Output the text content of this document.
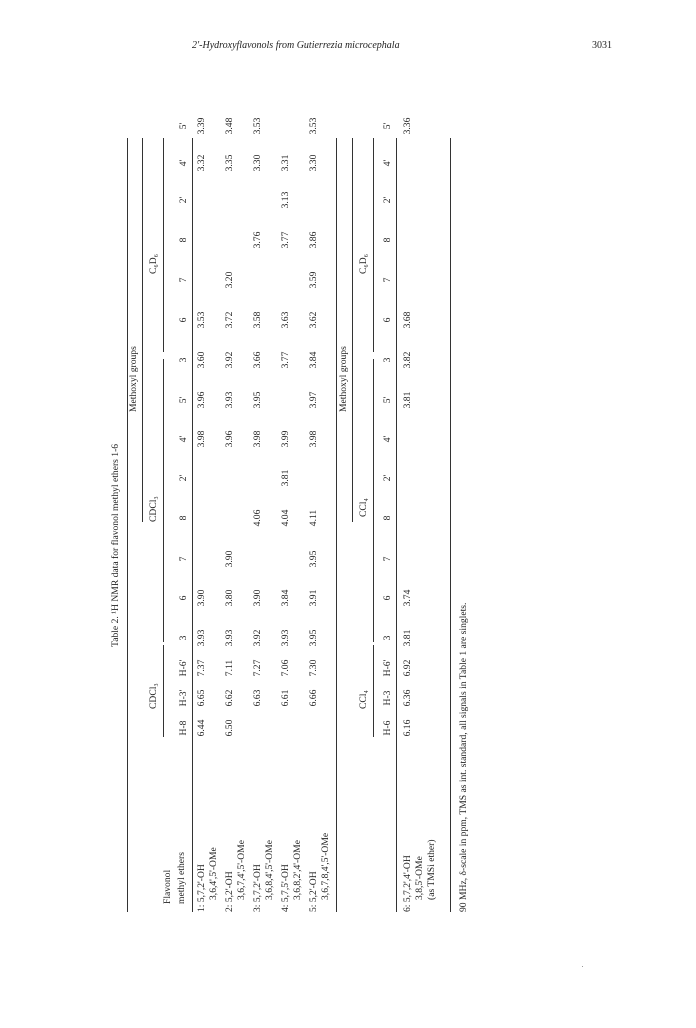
2'-Hydroxyflavonols from Gutierrezia microcephala	3031
Table 2. ¹H NMR data for flavonol methyl ethers 1-6
Methoxyl groups
CDCl₃
CDCl₃
C₆D₆
Flavonol methyl ethers
H-8
H-3'
H-6'
3
6
7
8
2'
4'
5'
3
6
7
8
2'
4'
5'
1: 5,7,2'-OH 3,6,4',5'-OMe
6.44
6.65
7.37
3.93
3.90
3.98
3.96
3.60
3.53
3.32
3.39
2: 5,2'-OH 3,6,7,4',5'-OMe
6.50
6.62
7.11
3.93
3.80
3.90
3.96
3.93
3.92
3.72
3.20
3.35
3.48
3: 5,7,2'-OH 3,6,8,4',5'-OMe
6.63
7.27
3.92
3.90
4.06
3.98
3.95
3.66
3.58
3.76
3.30
3.53
4: 5,7,5'-OH 3,6,8,2',4'-OMe
6.61
7.06
3.93
3.84
4.04
3.81
3.99
3.77
3.63
3.77
3.13
3.31
5: 5,2'-OH 3,6,7,8,4',5'-OMe
6.66
7.30
3.95
3.91
3.95
4.11
3.98
3.97
3.84
3.62
3.59
3.86
3.30
3.53
Methoxyl groups
CCl₄
CCl₄
C₆D₆
H-6
H-3
H-6'
3
6
7
8
2'
4'
5'
3
6
7
8
2'
4'
5'
6: 5,7,2',4'-OH 3,8,5'-OMe (as TMSi ether)
6.16
6.36
6.92
3.81
3.74
3.81
3.82
3.68
3.36
90 MHz, δ-scale in ppm, TMS as int. standard, all signals in Table 1 are singlets.
